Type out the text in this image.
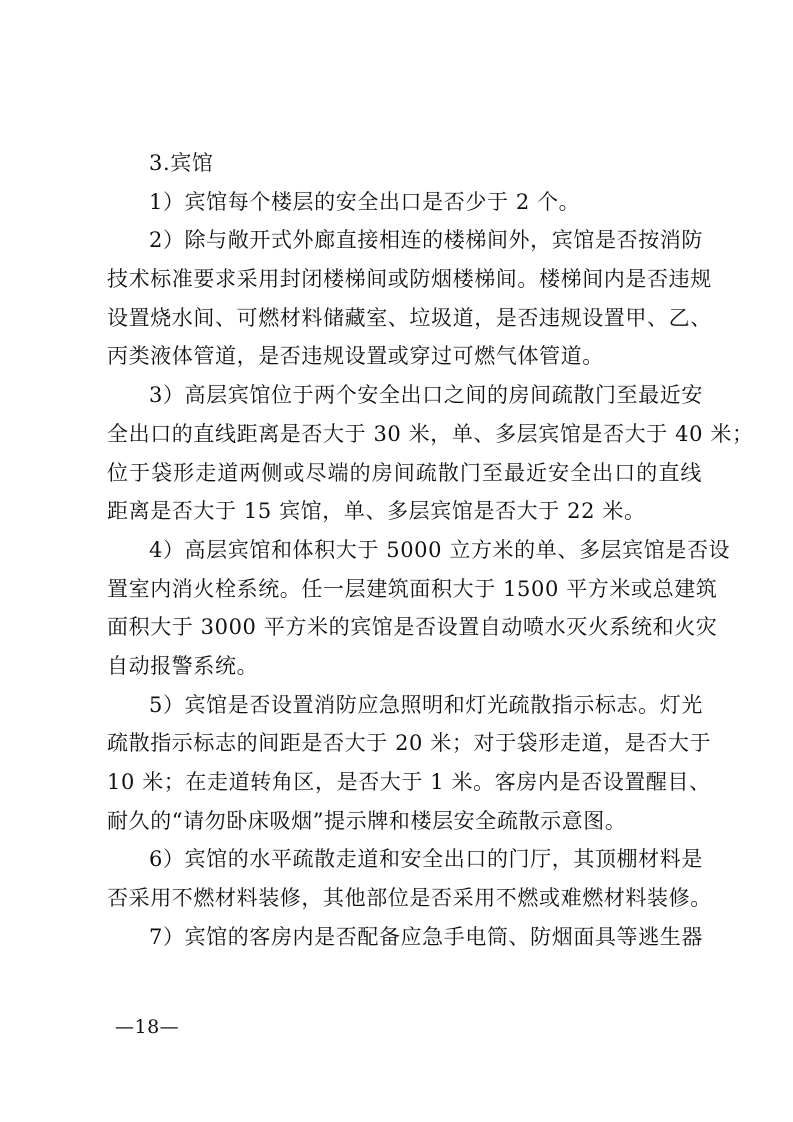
3.宾馆
1）宾馆每个楼层的安全出口是否少于 2 个。
2）除与敞开式外廊直接相连的楼梯间外，宾馆是否按消防
技术标准要求采用封闭楼梯间或防烟楼梯间。楼梯间内是否违规
设置烧水间、可燃材料储藏室、垃圾道，是否违规设置甲、乙、
丙类液体管道，是否违规设置或穿过可燃气体管道。
3）高层宾馆位于两个安全出口之间的房间疏散门至最近安
全出口的直线距离是否大于 30 米，单、多层宾馆是否大于 40 米；
位于袋形走道两侧或尽端的房间疏散门至最近安全出口的直线
距离是否大于 15 宾馆，单、多层宾馆是否大于 22 米。
4）高层宾馆和体积大于 5000 立方米的单、多层宾馆是否设
置室内消火栓系统。任一层建筑面积大于 1500 平方米或总建筑
面积大于 3000 平方米的宾馆是否设置自动喷水灭火系统和火灾
自动报警系统。
5）宾馆是否设置消防应急照明和灯光疏散指示标志。灯光
疏散指示标志的间距是否大于 20 米；对于袋形走道，是否大于
10 米；在走道转角区，是否大于 1 米。客房内是否设置醒目、
耐久的“请勿卧床吸烟”提示牌和楼层安全疏散示意图。
6）宾馆的水平疏散走道和安全出口的门厅，其顶棚材料是
否采用不燃材料装修，其他部位是否采用不燃或难燃材料装修。
7）宾馆的客房内是否配备应急手电筒、防烟面具等逃生器
—18—
